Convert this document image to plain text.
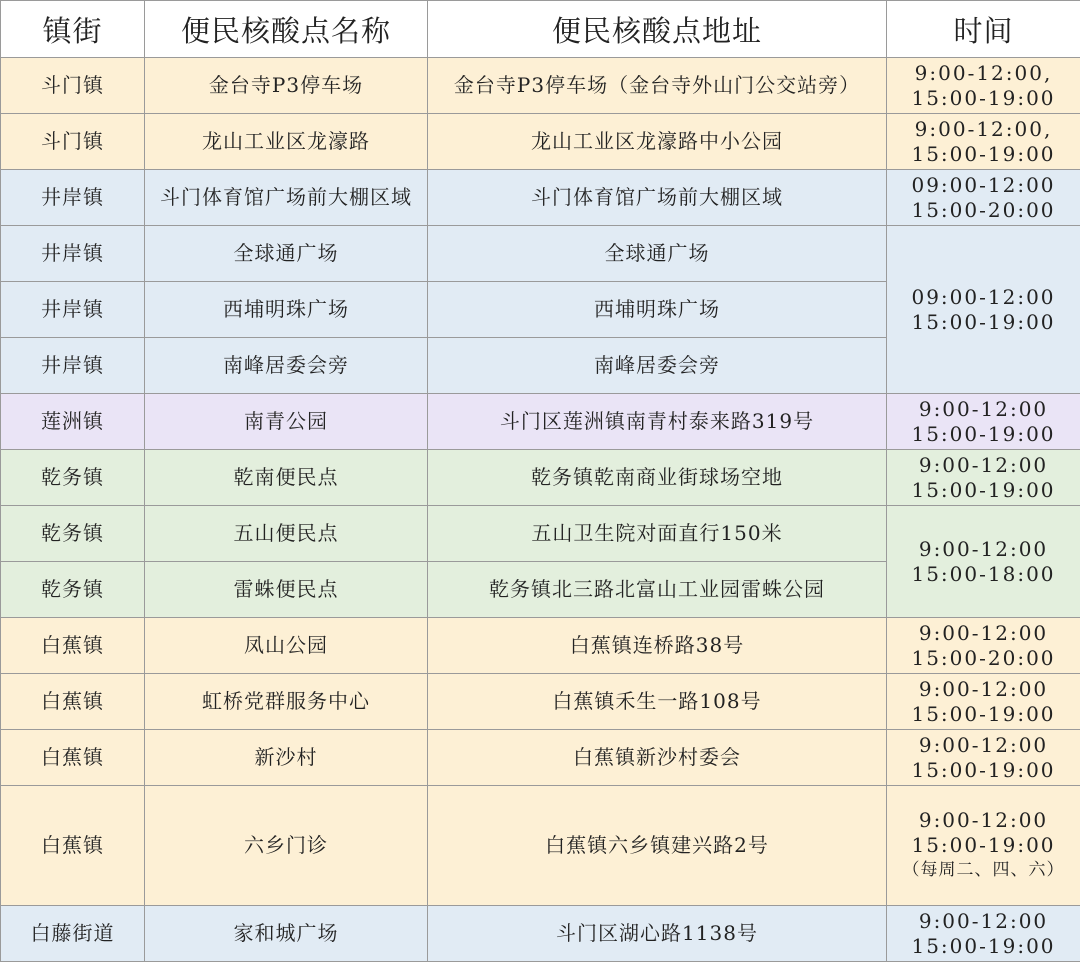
镇街	便民核酸点名称	便民核酸点地址	时间
斗门镇	金台寺P3停车场	金台寺P3停车场（金台寺外山门公交站旁）	9:00-12:00,
15:00-19:00

斗门镇	龙山工业区龙濠路	龙山工业区龙濠路中小公园	9:00-12:00,
15:00-19:00

井岸镇	斗门体育馆广场前大棚区域	斗门体育馆广场前大棚区域	09:00-12:00
15:00-20:00

井岸镇	全球通广场	全球通广场	09:00-12:00
15:00-19:00

井岸镇	西埔明珠广场	西埔明珠广场	
井岸镇	南峰居委会旁	南峰居委会旁	
莲洲镇	南青公园	斗门区莲洲镇南青村泰来路319号	9:00-12:00
15:00-19:00

乾务镇	乾南便民点	乾务镇乾南商业街球场空地	9:00-12:00
15:00-19:00

乾务镇	五山便民点	五山卫生院对面直行150米	9:00-12:00
15:00-18:00

乾务镇	雷蛛便民点	乾务镇北三路北富山工业园雷蛛公园	
白蕉镇	凤山公园	白蕉镇连桥路38号	9:00-12:00
15:00-20:00

白蕉镇	虹桥党群服务中心	白蕉镇禾生一路108号	9:00-12:00
15:00-19:00

白蕉镇	新沙村	白蕉镇新沙村委会	9:00-12:00
15:00-19:00

白蕉镇	六乡门诊	白蕉镇六乡镇建兴路2号	9:00-12:00
15:00-19:00
（每周二、四、六）

白藤街道	家和城广场	斗门区湖心路1138号	9:00-12:00
15:00-19:00
